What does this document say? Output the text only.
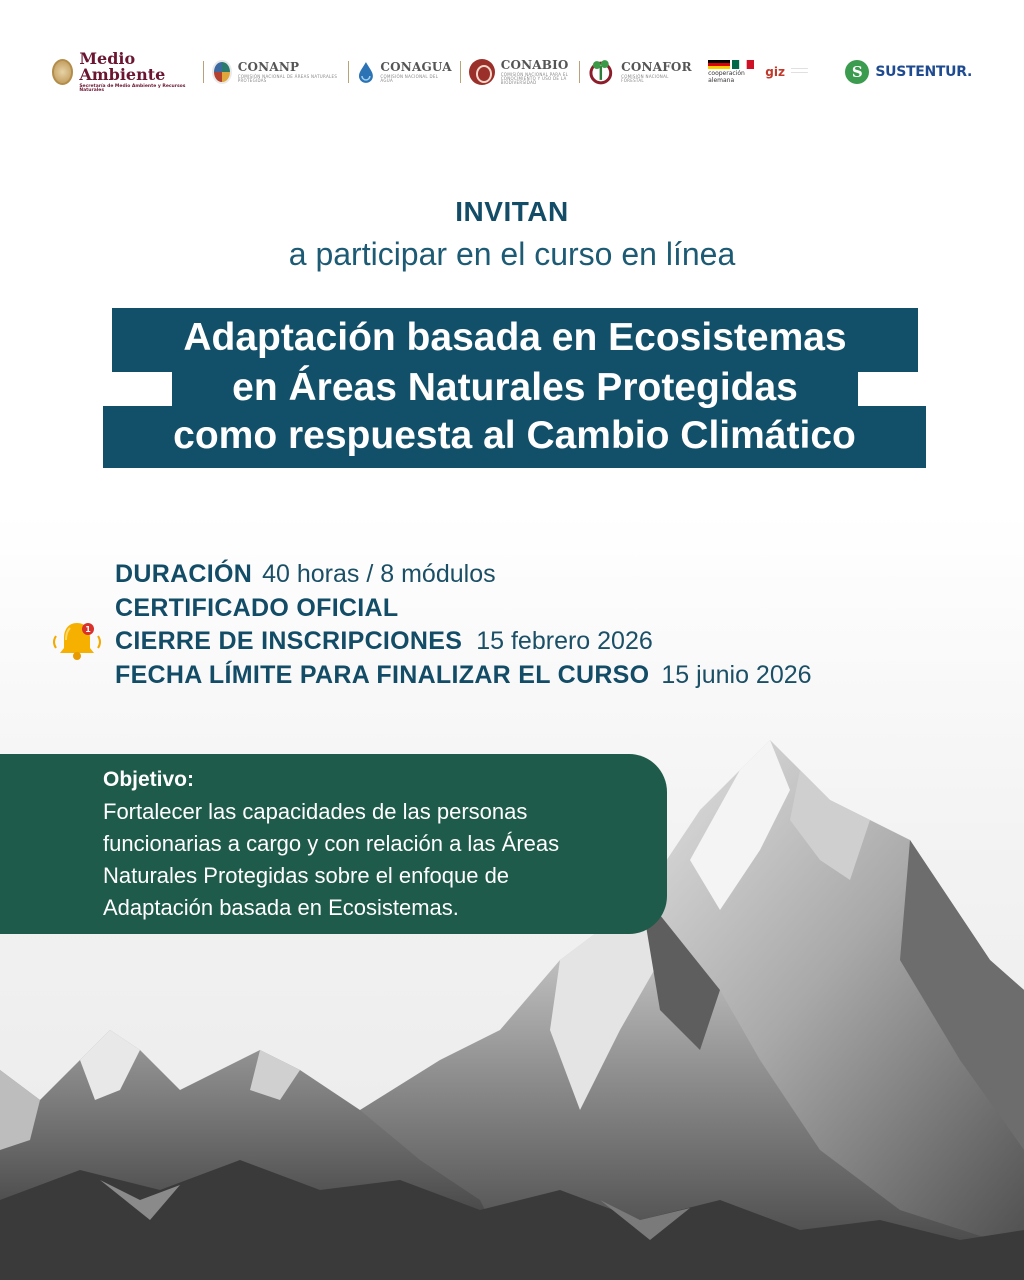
Medio Ambiente
Secretaría de Medio Ambiente y Recursos Naturales
CONANP
COMISIÓN NACIONAL DE ÁREAS NATURALES PROTEGIDAS
CONAGUA
COMISIÓN NACIONAL DEL AGUA
CONABIO
COMISIÓN NACIONAL PARA EL CONOCIMIENTO Y USO DE LA BIODIVERSIDAD
CONAFOR
COMISIÓN NACIONAL FORESTAL
cooperación
alemana
giz ────────
────────	S SUSTENTUR.
INVITAN
a participar en el curso en línea
Adaptación basada en Ecosistemas
como respuesta al Cambio Climático
en Áreas Naturales Protegidas
DURACIÓN 40 horas / 8 módulos
CERTIFICADO OFICIAL
CIERRE DE INSCRIPCIONES 15 febrero 2026
FECHA LÍMITE PARA FINALIZAR EL CURSO 15 junio 2026
1
Objetivo:
Fortalecer las capacidades de las personas
funcionarias a cargo y con relación a las Áreas
Naturales Protegidas sobre el enfoque de
Adaptación basada en Ecosistemas.
